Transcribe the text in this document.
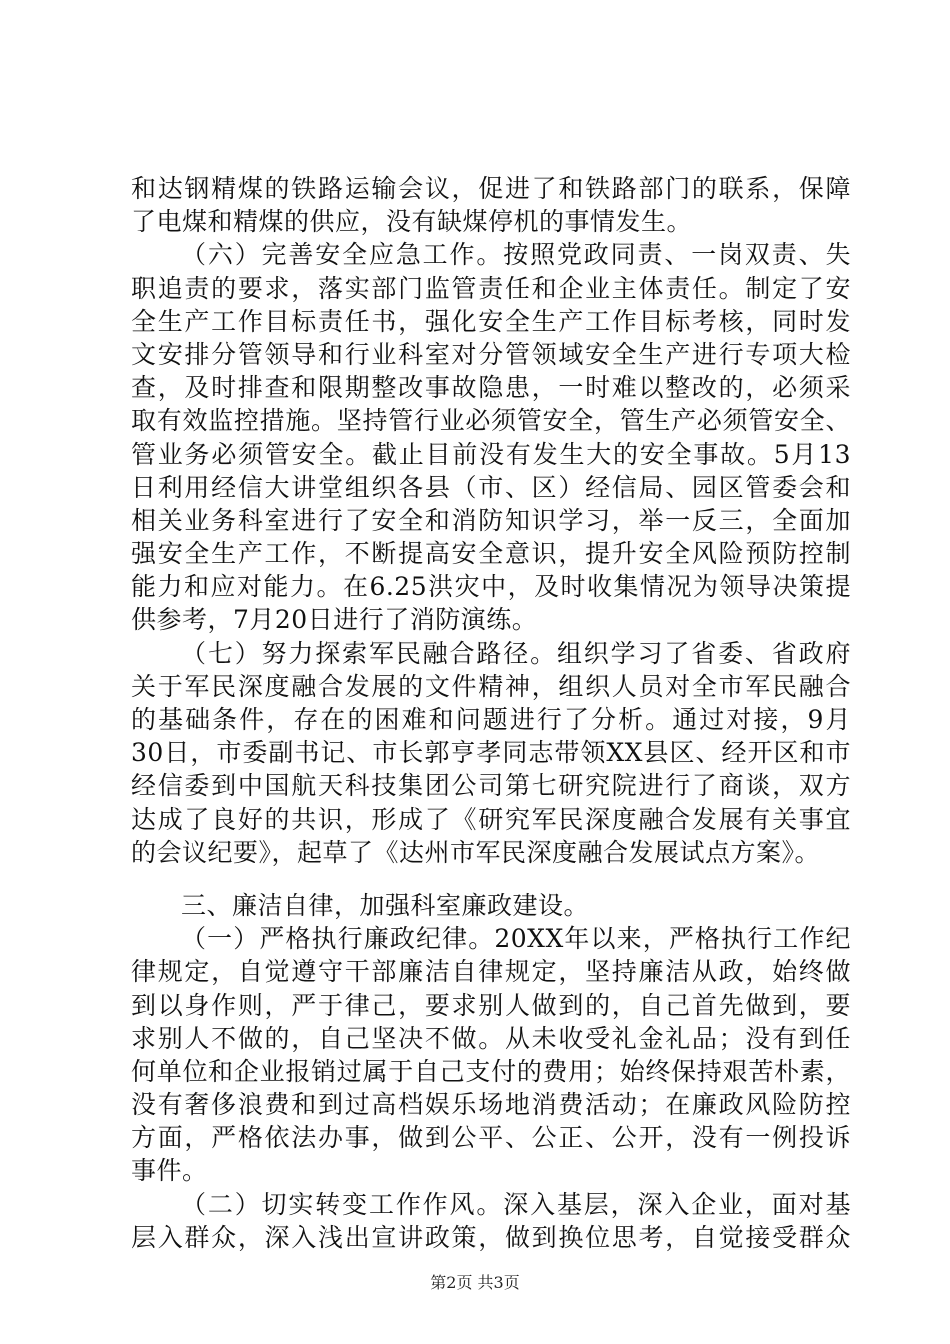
和达钢精煤的铁路运输会议，促进了和铁路部门的联系，保障
了电煤和精煤的供应，没有缺煤停机的事情发生。
（六）完善安全应急工作。按照党政同责、一岗双责、失
职追责的要求，落实部门监管责任和企业主体责任。制定了安
全生产工作目标责任书，强化安全生产工作目标考核，同时发
文安排分管领导和行业科室对分管领域安全生产进行专项大检
查，及时排查和限期整改事故隐患，一时难以整改的，必须采
取有效监控措施。坚持管行业必须管安全，管生产必须管安全、
管业务必须管安全。截止目前没有发生大的安全事故。5月13
日利用经信大讲堂组织各县（市、区）经信局、园区管委会和
相关业务科室进行了安全和消防知识学习，举一反三，全面加
强安全生产工作，不断提高安全意识，提升安全风险预防控制
能力和应对能力。在6.25洪灾中，及时收集情况为领导决策提
供参考，7月20日进行了消防演练。
（七）努力探索军民融合路径。组织学习了省委、省政府
关于军民深度融合发展的文件精神，组织人员对全市军民融合
的基础条件，存在的困难和问题进行了分析。通过对接，9月
30日，市委副书记、市长郭亨孝同志带领XX县区、经开区和市
经信委到中国航天科技集团公司第七研究院进行了商谈，双方
达成了良好的共识，形成了《研究军民深度融合发展有关事宜
的会议纪要》，起草了《达州市军民深度融合发展试点方案》。
三、廉洁自律，加强科室廉政建设。
（一）严格执行廉政纪律。20XX年以来，严格执行工作纪
律规定，自觉遵守干部廉洁自律规定，坚持廉洁从政，始终做
到以身作则，严于律己，要求别人做到的，自己首先做到，要
求别人不做的，自己坚决不做。从未收受礼金礼品；没有到任
何单位和企业报销过属于自己支付的费用；始终保持艰苦朴素，
没有奢侈浪费和到过高档娱乐场地消费活动；在廉政风险防控
方面，严格依法办事，做到公平、公正、公开，没有一例投诉
事件。
（二）切实转变工作作风。深入基层，深入企业，面对基
层入群众，深入浅出宣讲政策，做到换位思考，自觉接受群众
第2页 共3页
